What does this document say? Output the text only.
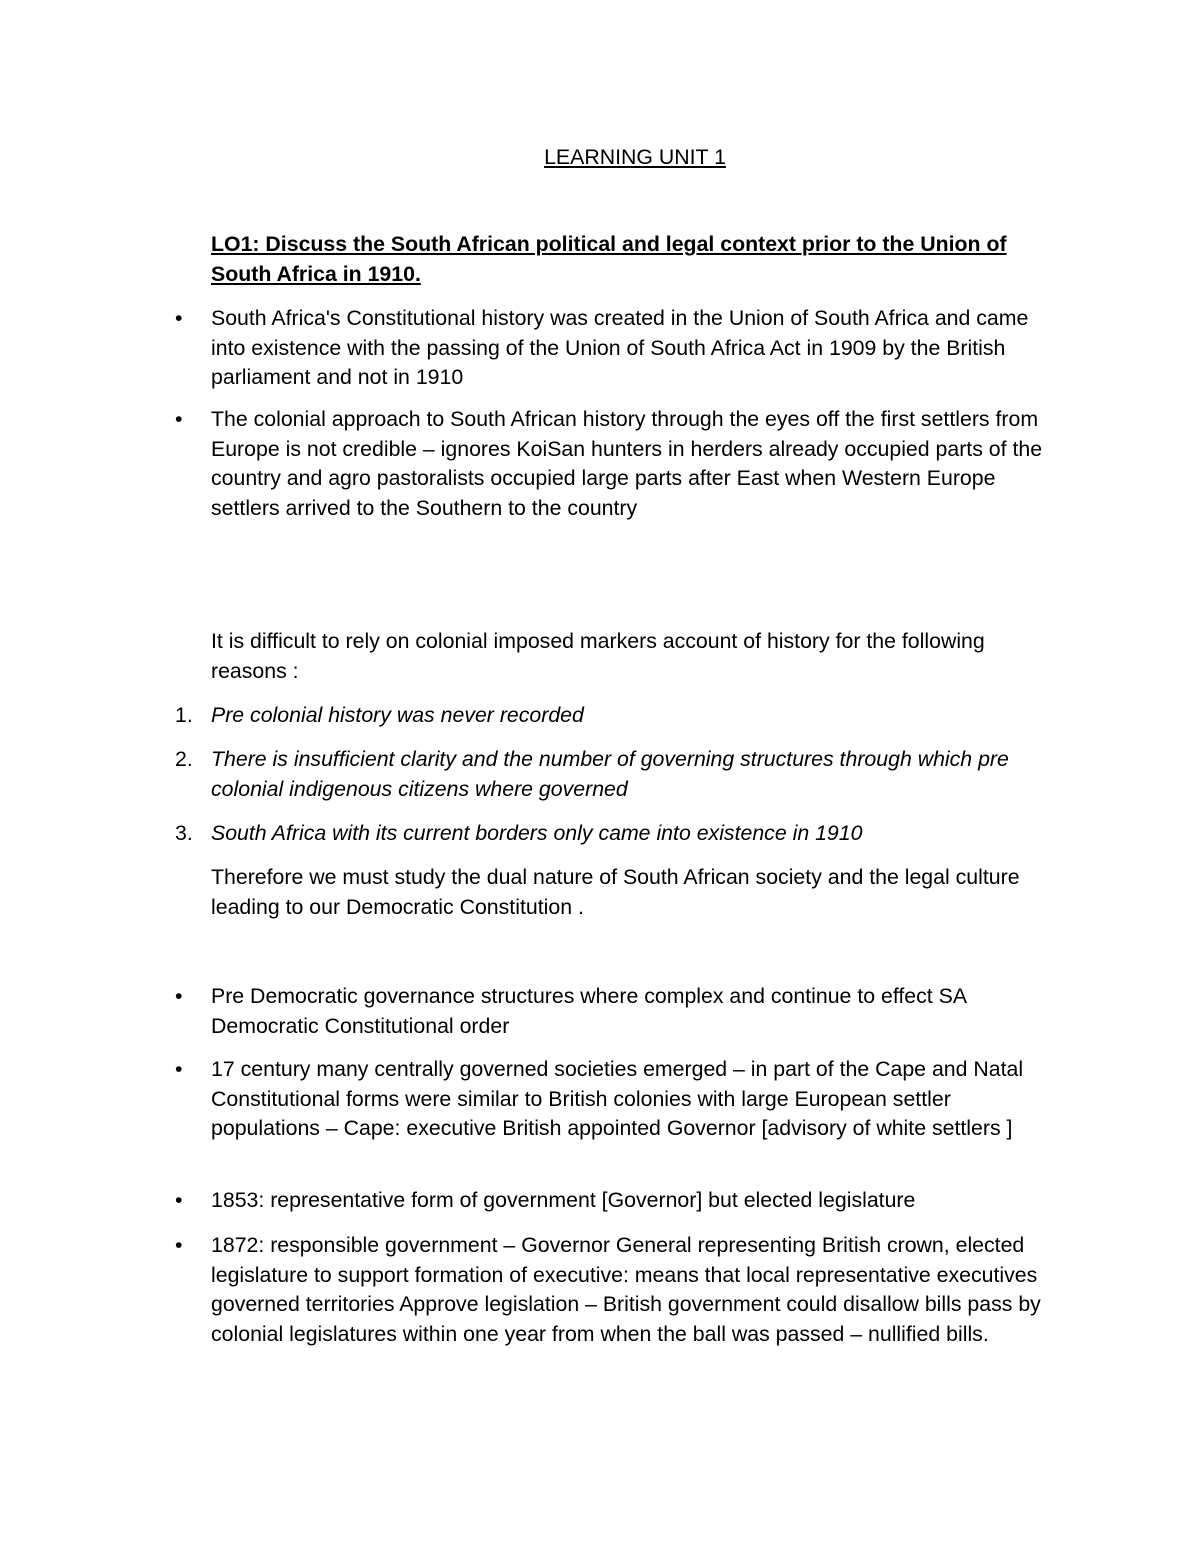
LEARNING UNIT 1
LO1: Discuss the South African political and legal context prior to the Union of South Africa in 1910.
• South Africa's Constitutional history was created in the Union of South Africa and came into existence with the passing of the Union of South Africa Act in 1909 by the British parliament and not in 1910
• The colonial approach to South African history through the eyes off the first settlers from Europe is not credible – ignores KoiSan hunters in herders already occupied parts of the country and agro pastoralists occupied large parts after East when Western Europe settlers arrived to the Southern to the country
It is difficult to rely on colonial imposed markers account of history for the following reasons :
1. Pre colonial history was never recorded
2. There is insufficient clarity and the number of governing structures through which pre colonial indigenous citizens where governed
3. South Africa with its current borders only came into existence in 1910
Therefore we must study the dual nature of South African society and the legal culture leading to our Democratic Constitution .
• Pre Democratic governance structures where complex and continue to effect SA Democratic Constitutional order
• 17 century many centrally governed societies emerged – in part of the Cape and Natal Constitutional forms were similar to British colonies with large European settler populations – Cape: executive British appointed Governor [advisory of white settlers ]
• 1853: representative form of government [Governor] but elected legislature
• 1872: responsible government – Governor General representing British crown, elected legislature to support formation of executive: means that local representative executives governed territories Approve legislation – British government could disallow bills pass by colonial legislatures within one year from when the ball was passed – nullified bills.
